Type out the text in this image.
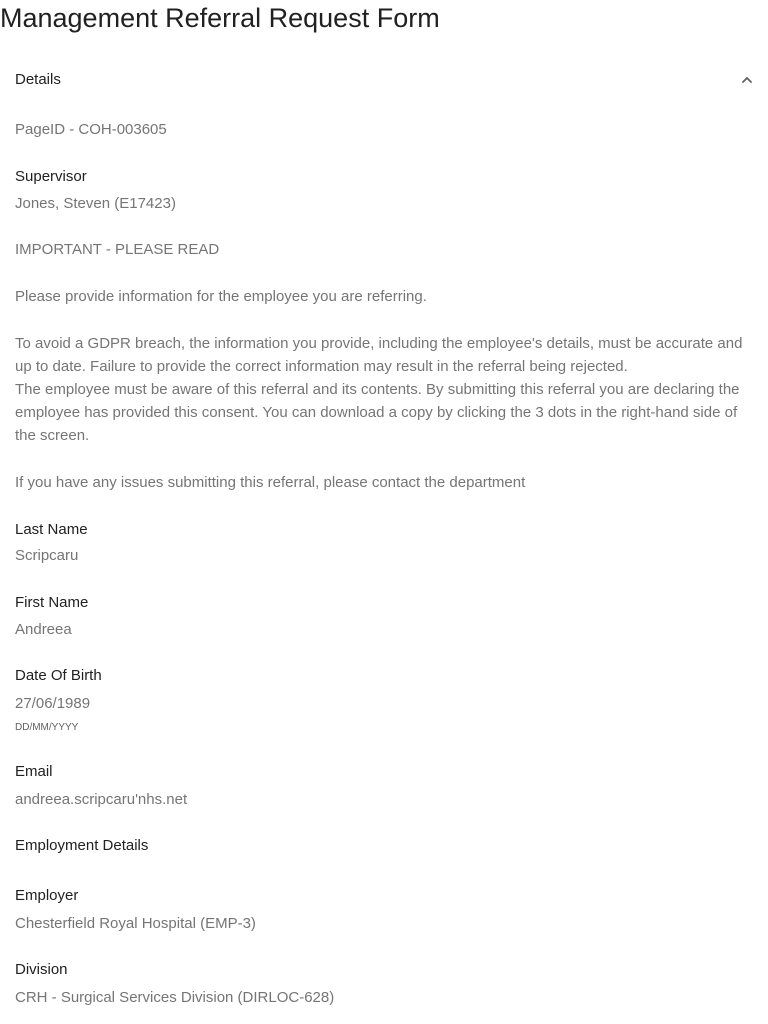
Management Referral Request Form
Details
PageID - COH-003605
Supervisor
Jones, Steven (E17423)
IMPORTANT - PLEASE READ
Please provide information for the employee you are referring.
To avoid a GDPR breach, the information you provide, including the employee's details, must be accurate and up to date. Failure to provide the correct information may result in the referral being rejected.
The employee must be aware of this referral and its contents. By submitting this referral you are declaring the employee has provided this consent. You can download a copy by clicking the 3 dots in the right-hand side of the screen.
If you have any issues submitting this referral, please contact the department
Last Name
Scripcaru
First Name
Andreea
Date Of Birth
27/06/1989
DD/MM/YYYY
Email
andreea.scripcaru'nhs.net
Employment Details
Employer
Chesterfield Royal Hospital (EMP-3)
Division
CRH - Surgical Services Division (DIRLOC-628)
